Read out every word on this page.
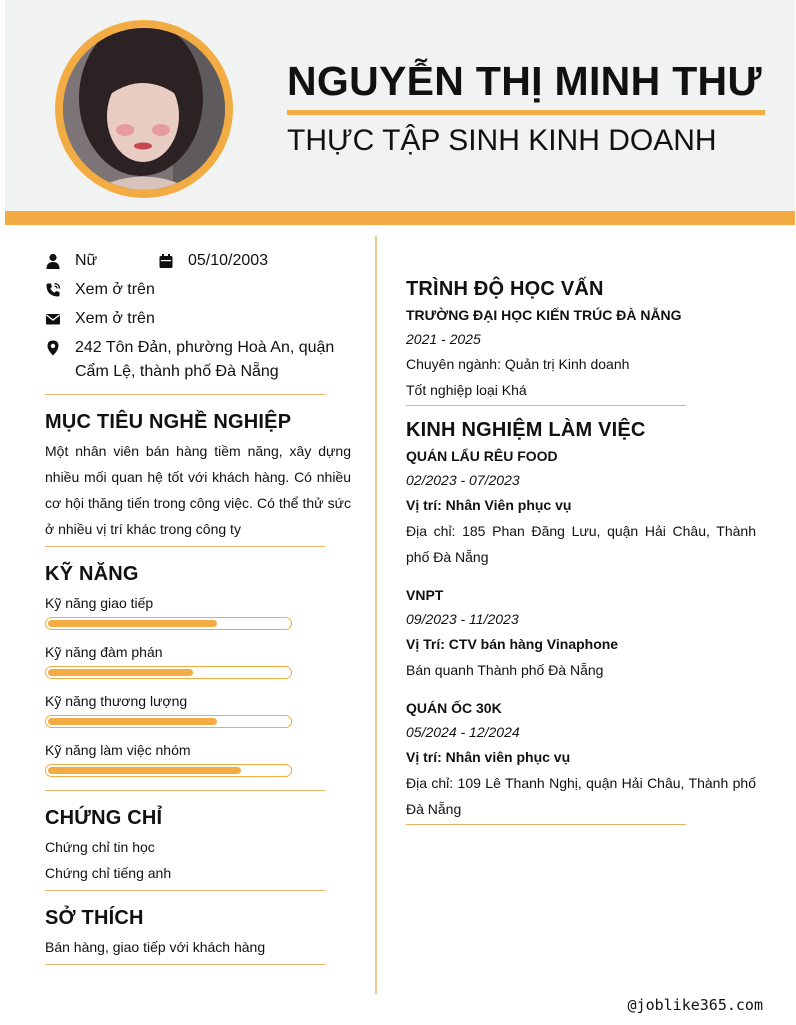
NGUYỄN THỊ MINH THƯ
THỰC TẬP SINH KINH DOANH
Nữ	05/10/2003
Xem ở trên
Xem ở trên
242 Tôn Đản, phường Hoà An, quận Cẩm Lệ, thành phố Đà Nẵng
MỤC TIÊU NGHỀ NGHIỆP
Một nhân viên bán hàng tiềm năng, xây dựng nhiều mối quan hệ tốt với khách hàng. Có nhiều cơ hội thăng tiến trong công việc. Có thể thử sức ở nhiều vị trí khác trong công ty
KỸ NĂNG
Kỹ năng giao tiếp
Kỹ năng đàm phán
Kỹ năng thương lượng
Kỹ năng làm việc nhóm
CHỨNG CHỈ
Chứng chỉ tin học
Chứng chỉ tiếng anh
SỞ THÍCH
Bán hàng, giao tiếp với khách hàng
TRÌNH ĐỘ HỌC VẤN
TRƯỜNG ĐẠI HỌC KIẾN TRÚC ĐÀ NẴNG
2021 - 2025
Chuyên ngành: Quản trị Kinh doanh
Tốt nghiệp loại Khá
KINH NGHIỆM LÀM VIỆC
QUÁN LẨU RÊU FOOD
02/2023 - 07/2023
Vị trí: Nhân Viên phục vụ
Địa chỉ: 185 Phan Đăng Lưu, quận Hải Châu, Thành phố Đà Nẵng
VNPT
09/2023 - 11/2023
Vị Trí: CTV bán hàng Vinaphone
Bán quanh Thành phố Đà Nẵng
QUÁN ỐC 30K
05/2024 - 12/2024
Vị trí: Nhân viên phục vụ
Địa chỉ: 109 Lê Thanh Nghị, quận Hải Châu, Thành phố Đà Nẵng
@joblike365.com
